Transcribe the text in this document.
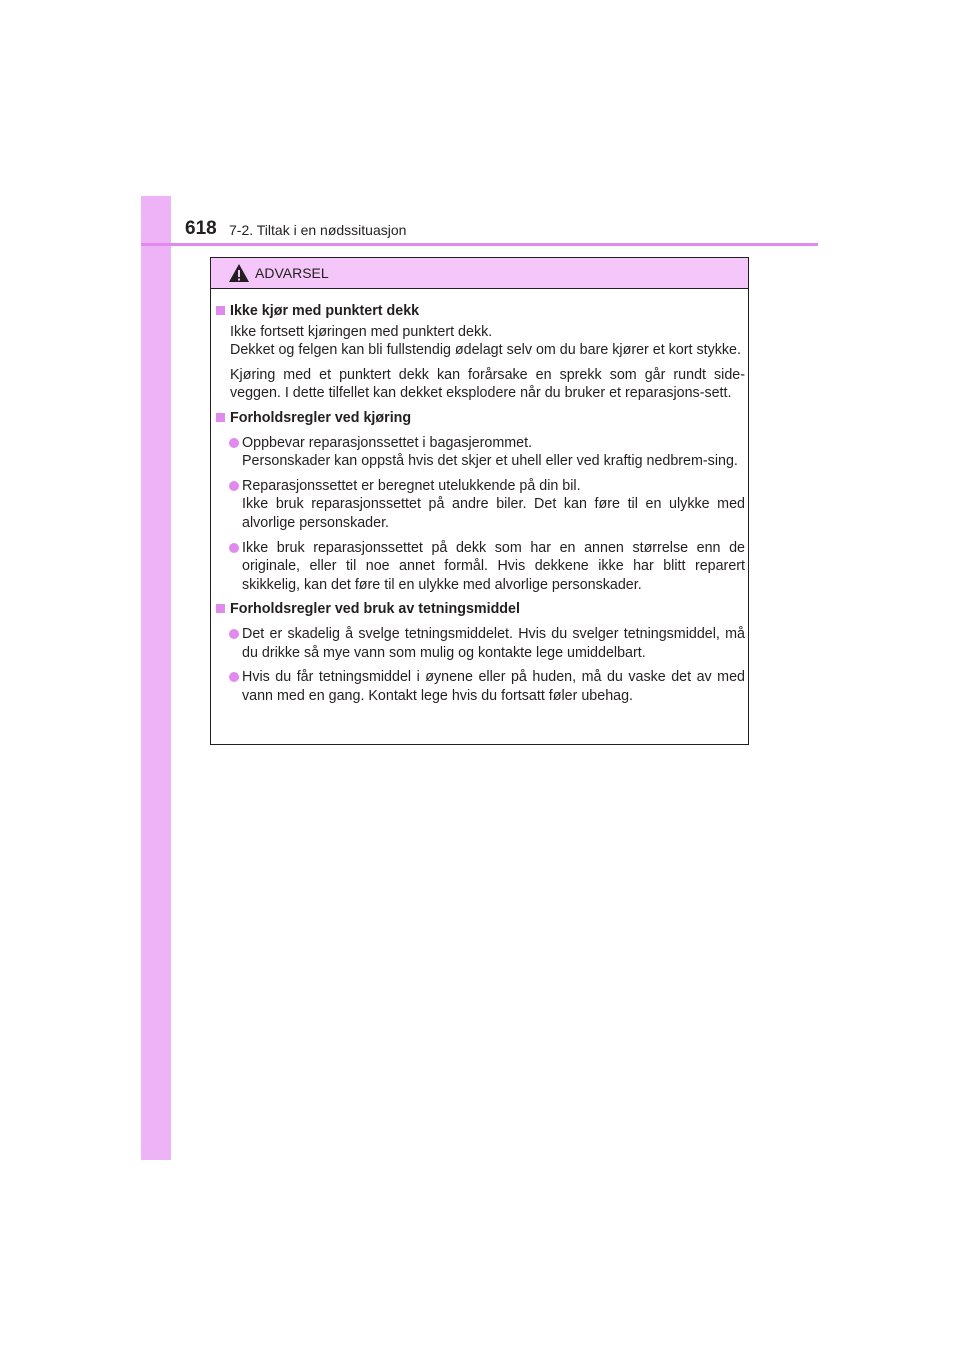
618 7-2. Tiltak i en nødssituasjon
ADVARSEL
Ikke kjør med punktert dekk
Ikke fortsett kjøringen med punktert dekk.
Dekket og felgen kan bli fullstendig ødelagt selv om du bare kjører et kort stykke.
Kjøring med et punktert dekk kan forårsake en sprekk som går rundt side-veggen. I dette tilfellet kan dekket eksplodere når du bruker et reparasjons-sett.
Forholdsregler ved kjøring
Oppbevar reparasjonssettet i bagasjerommet.
Personskader kan oppstå hvis det skjer et uhell eller ved kraftig nedbrem-sing.
Reparasjonssettet er beregnet utelukkende på din bil.
Ikke bruk reparasjonssettet på andre biler. Det kan føre til en ulykke med alvorlige personskader.
Ikke bruk reparasjonssettet på dekk som har en annen størrelse enn de originale, eller til noe annet formål. Hvis dekkene ikke har blitt reparert skikkelig, kan det føre til en ulykke med alvorlige personskader.
Forholdsregler ved bruk av tetningsmiddel
Det er skadelig å svelge tetningsmiddelet. Hvis du svelger tetningsmiddel, må du drikke så mye vann som mulig og kontakte lege umiddelbart.
Hvis du får tetningsmiddel i øynene eller på huden, må du vaske det av med vann med en gang. Kontakt lege hvis du fortsatt føler ubehag.
